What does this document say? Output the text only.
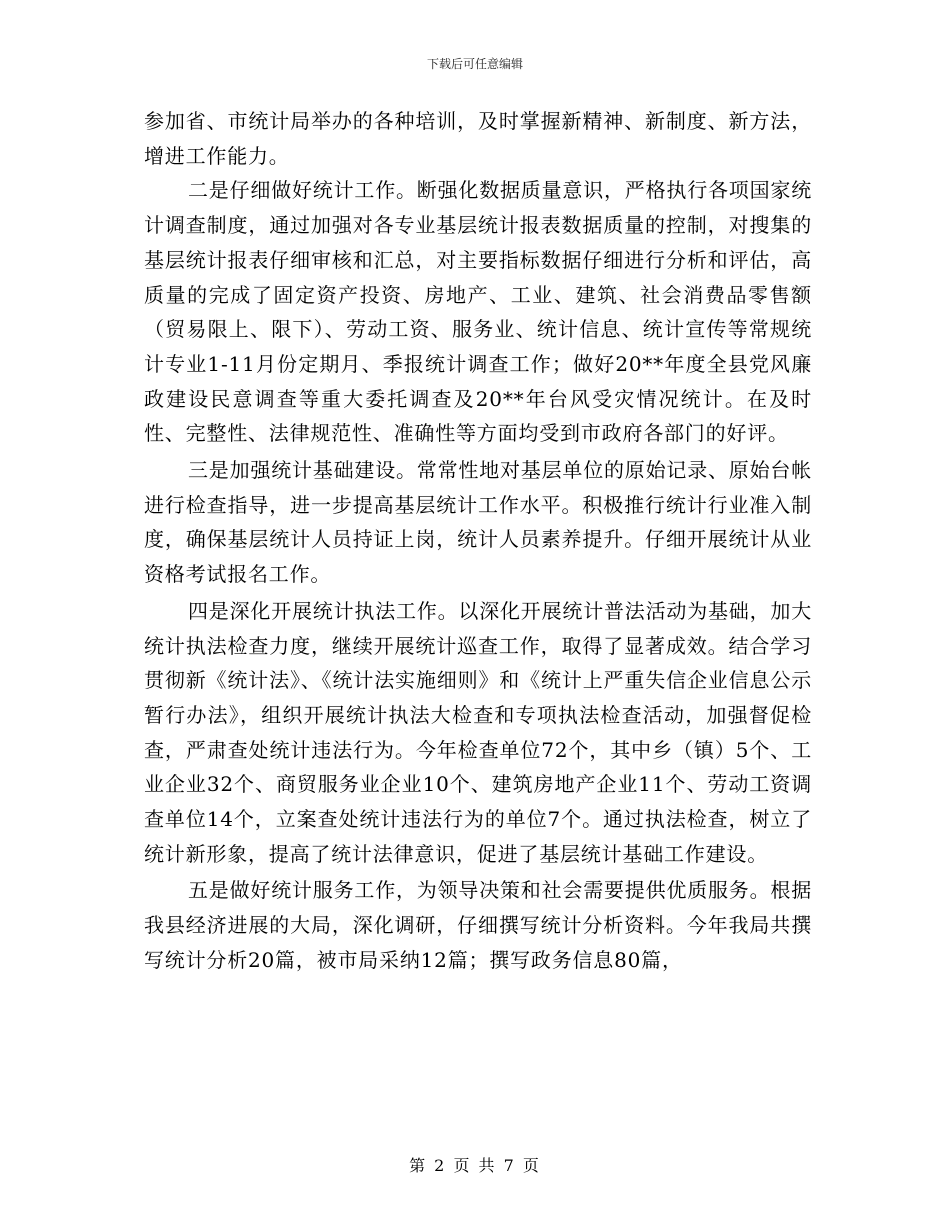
下载后可任意编辑

参加省、市统计局举办的各种培训，及时掌握新精神、新制度、新方法，增进工作能力。

二是仔细做好统计工作。断强化数据质量意识，严格执行各项国家统计调查制度，通过加强对各专业基层统计报表数据质量的控制，对搜集的基层统计报表仔细审核和汇总，对主要指标数据仔细进行分析和评估，高质量的完成了固定资产投资、房地产、工业、建筑、社会消费品零售额（贸易限上、限下）、劳动工资、服务业、统计信息、统计宣传等常规统计专业1-11月份定期月、季报统计调查工作；做好20**年度全县党风廉政建设民意调查等重大委托调查及20**年台风受灾情况统计。在及时性、完整性、法律规范性、准确性等方面均受到市政府各部门的好评。

三是加强统计基础建设。常常性地对基层单位的原始记录、原始台帐进行检查指导，进一步提高基层统计工作水平。积极推行统计行业准入制度，确保基层统计人员持证上岗，统计人员素养提升。仔细开展统计从业资格考试报名工作。

四是深化开展统计执法工作。以深化开展统计普法活动为基础，加大统计执法检查力度，继续开展统计巡查工作，取得了显著成效。结合学习贯彻新《统计法》、《统计法实施细则》和《统计上严重失信企业信息公示暂行办法》，组织开展统计执法大检查和专项执法检查活动，加强督促检查，严肃查处统计违法行为。今年检查单位72个，其中乡（镇）5个、工业企业32个、商贸服务业企业10个、建筑房地产企业11个、劳动工资调查单位14个，立案查处统计违法行为的单位7个。通过执法检查，树立了统计新形象，提高了统计法律意识，促进了基层统计基础工作建设。

五是做好统计服务工作，为领导决策和社会需要提供优质服务。根据我县经济进展的大局，深化调研，仔细撰写统计分析资料。今年我局共撰写统计分析20篇，被市局采纳12篇；撰写政务信息80篇，

第 2 页 共 7 页
